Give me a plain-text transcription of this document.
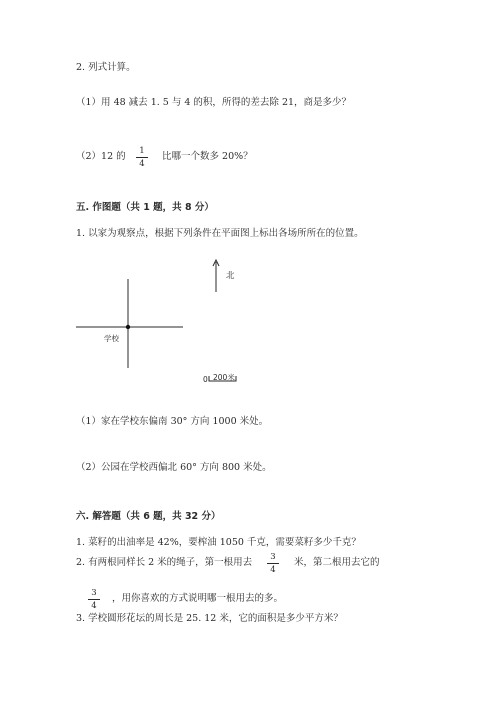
2. 列式计算。
（1）用 48 减去 1. 5 与 4 的积，所得的差去除 21，商是多少？
（2）12 的	1
4
比哪一个数多 20%？
五. 作图题（共 1 题，共 8 分）
1. 以家为观察点，根据下列条件在平面图上标出各场所所在的位置。
北
学校
0 200米
（1）家在学校东偏南 30° 方向 1000 米处。
（2）公园在学校西偏北 60° 方向 800 米处。
六. 解答题（共 6 题，共 32 分）
1. 菜籽的出油率是 42%，要榨油 1050 千克，需要菜籽多少千克？
2. 有两根同样长 2 米的绳子，第一根用去	3
4
米，第二根用去它的
3
4
，用你喜欢的方式说明哪一根用去的多。
3. 学校圆形花坛的周长是 25. 12 米，它的面积是多少平方米？
